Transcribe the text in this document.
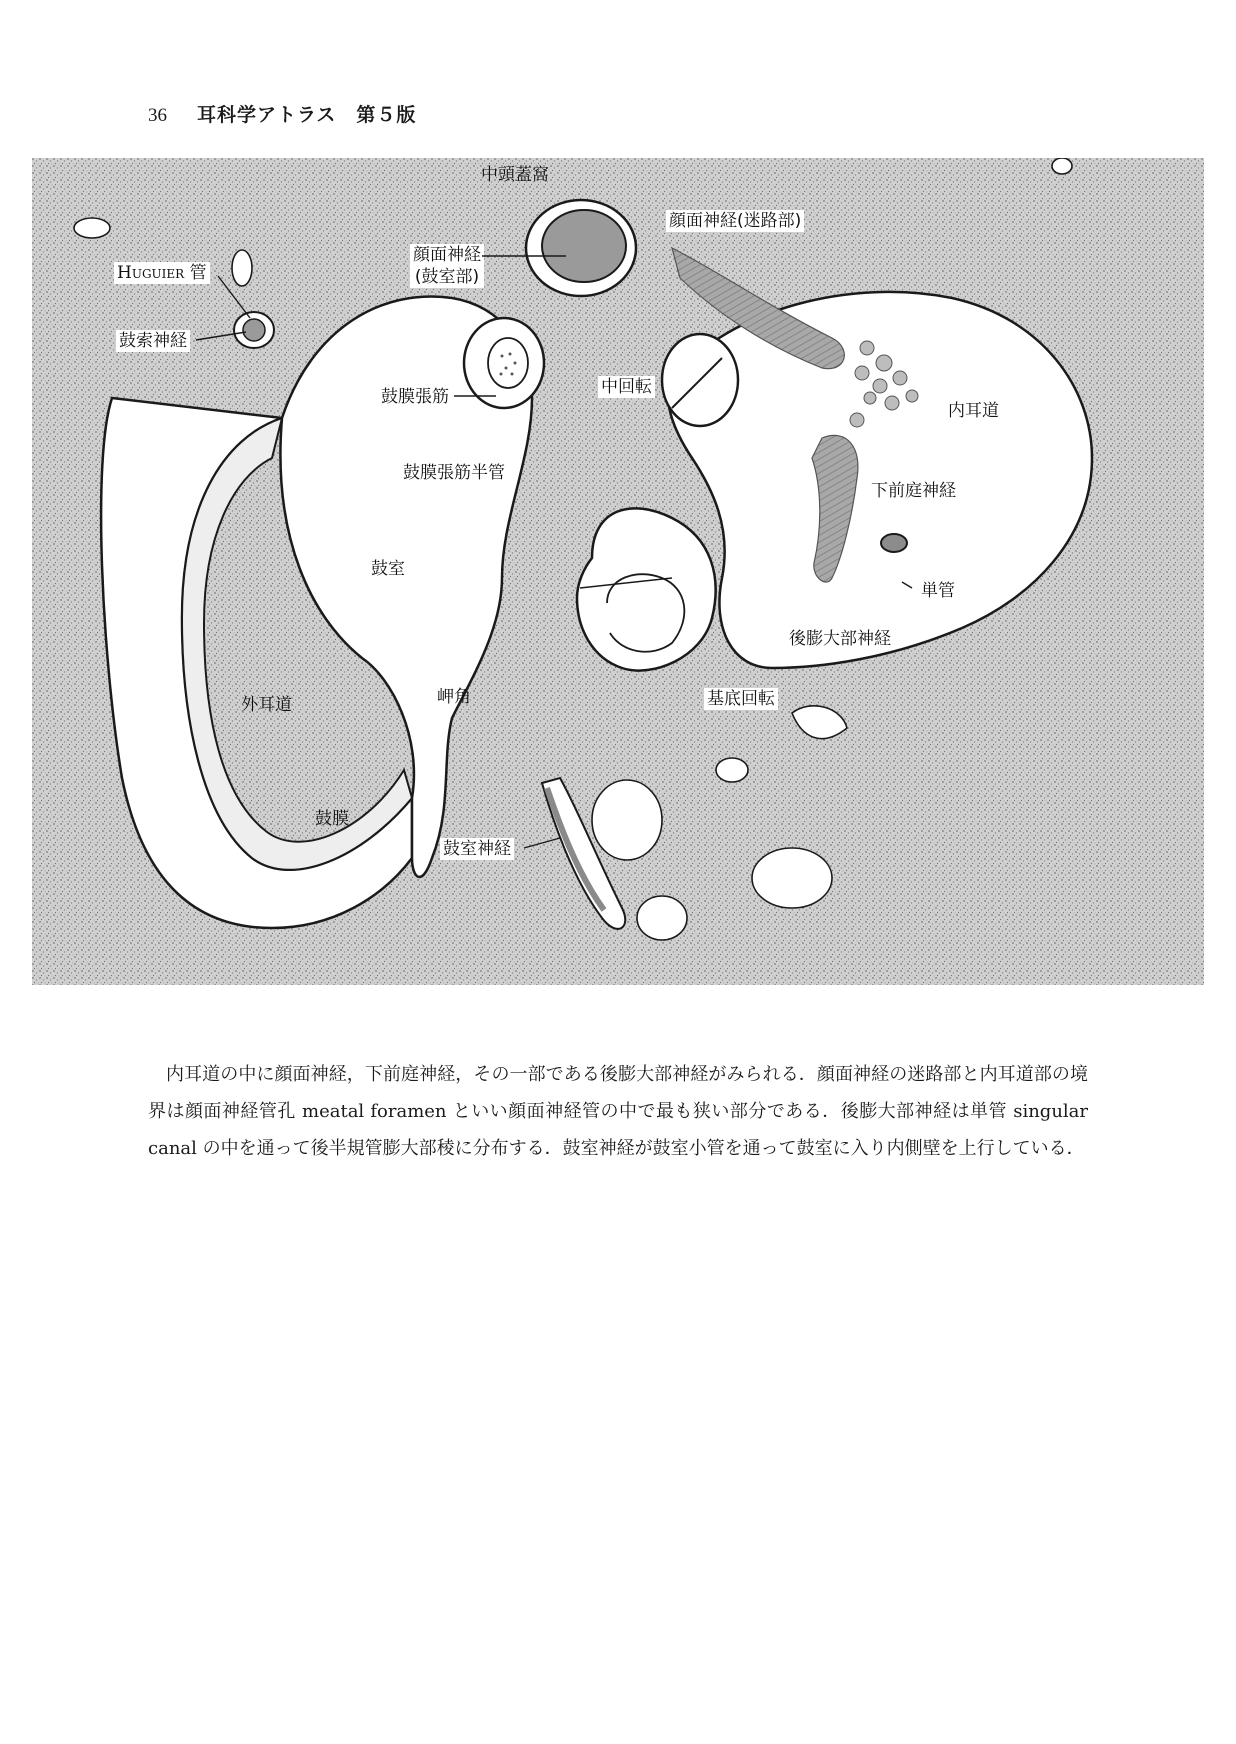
36 耳科学アトラス　第５版
中頭蓋窩
顔面神経
(鼓室部)
顔面神経(迷路部)
Huguier 管
鼓索神経
鼓膜張筋	中回転
内耳道
鼓膜張筋半管
下前庭神経
鼓室
単管
後膨大部神経
岬角	基底回転
外耳道
鼓膜
鼓室神経
内耳道の中に顔面神経，下前庭神経，その一部である後膨大部神経がみられる．顔面神経の迷路部と内耳道部の境界は顔面神経管孔 meatal foramen といい顔面神経管の中で最も狭い部分である．後膨大部神経は単管 singular canal の中を通って後半規管膨大部稜に分布する．鼓室神経が鼓室小管を通って鼓室に入り内側壁を上行している．
